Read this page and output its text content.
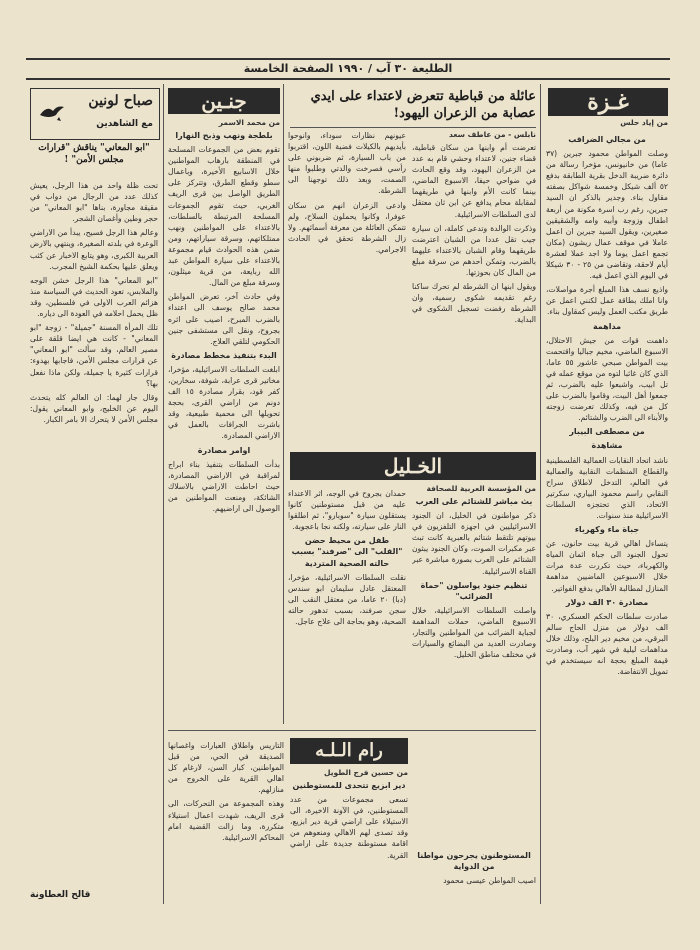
الطليعة ٣٠ آب / ١٩٩٠ الصفحة الخامسة
غـزة
من إياد حلس

من مجالي الضراقب

وصلت المواطن محمود جبرين (٣٧ عاما) من خانيونس، مؤخرا رسالة من دائرة ضريبة الدخل بقرية الطابقة بدفع ٥٢ ألف شيكل وخمسة شواكل بصفته مقاول بناء. وجدير بالذكر ان السيد جبرين، رغم رب اسرة مكونة من أربعة اطفال وزوجة وأبيه وامه والشقيقين صغيرين، ويقول السيد جبرين ان اعمل عاملا في موقف عمال ريشون (مكان تجمع اعمل يوما ولا اجد عملا لعشرة أيام لاحقة، وتقاضى من ٢٥ - ٣٠ شيكلا في اليوم الذي اعمل فيه.

واذيع نسف هذا المبلغ أجرة مواصلات، وانا املك بطاقة عمل لكنني اعمل عن طريق مكتب العمل وليس كمقاول بناء.

مداهمة

داهمت قوات من جيش الاحتلال، الاسبوع الماضي، مخيم جباليا واقتحمت بيت المواطن صبحي عاشور ٥٥ عاما، الذي كان غائبا لتوه من موقع عمله في تل ابيب، واشبعوا عليه بالضرب، ثم جمعوا أهل البيت، وقاموا بالضرب على كل من فيه، وكذلك تعرضت زوجته والأبناء الى الضرب والشتائم.

من مصطفى البيبار

مشاهدة

ناشد اتحاد النقابات العمالية الفلسطينية والقطاع المنظمات النقابية والعمالية في العالم، التدخل لاطلاق سراح النقابي راسم محمود البياري، سكرتير الاتحاد، الذي تحتجزه السلطات الاسرائيلية منذ سنوات.

جباة ماء وكهرباء

يتساءل اهالي قرية بيت حانون، عن تحول الجنود الى جباة اثمان المياه والكهرباء، حيث تكررت عدة مرات خلال الاسبوعين الماضيين مداهمة المنازل لمطالبة الأهالي بدفع الفواتير.

مصادرة ٣٠ الف دولار

صادرت سلطات الحكم العسكري، ٣٠ الف دولار من منزل الحاج سالم البرقي، من مخيم دير البلح، وذلك خلال مداهمات ليلية في شهر آب، وصادرت قيمة المبلغ بحجة انه سيستخدم في تمويل الانتفاضة.

عائلة من قباطية تتعرض لاعتداء على ايدي عصابة من الزعران اليهود!
نابلس - من عاطف سعد

تعرضت أم وابنها من سكان قباطية، قضاء جنين، لاعتداء وحشي قام به عدد من الزعران اليهود، وقد وقع الحادث في ضواحي حيفا، الاسبوع الماضي، بينما كانت الأم وابنها في طريقهما لمقابلة محام يدافع عن ابن ثان معتقل لدى السلطات الاسرائيلية.

وذكرت الوالدة وتدعى كاملة، ان سيارة جيب تقل عددا من الشبان اعترضت طريقهما وقام الشبان بالاعتداء عليهما بالضرب، وتمكن أحدهم من سرقة مبلغ من المال كان بحوزتها.

ويقول ابنها ان الشرطة لم تحرك ساكنا رغم تقديمه شكوى رسمية، وان الشرطة رفضت تسجيل الشكوى في البداية.

عيونهم نظارات سوداء، وانوحوا بأيديهم بالكيلات فضية اللون، اقتربوا من باب السيارة، ثم ضربوني على رأسي فصرخت والدتي وطلبوا منها الصمت، وبعد ذلك توجهنا الى الشرطة.

وادعى الزعران انهم من سكان عوفرا، وكانوا يحملون السلاح، ولم تتمكن العائلة من معرفة أسمائهم. ولا زال الشرطة تحقق في الحادث الاجرامي.

جنـين
من محمد الاسمر

بلطجة ونهب وذبح النهارا

تقوم بعض من الجموعات المسلحة في المنطقة بارهاب المواطنين خلال الاسابيع الأخيرة، وباعمال سطو وقطع الطرق، وتتركز على الطريق الواصل بين قرى الريف الغربي، حيث تقوم الجموعات المسلحة المرتبطة بالسلطات، بالاعتداء على المواطنين ونهب ممتلكاتهم، وسرقة سياراتهم، ومن ضمن هذه الحوادث قيام مجموعة بالاعتداء على سيارة المواطن عبد الله ربايعة، من قرية ميثلون، وسرقة مبلغ من المال.

وفي حادث آخر، تعرض المواطن محمد صالح يوسف الى اعتداء بالضرب المبرح، اصيب على اثره بجروح، ونقل الى مستشفى جنين الحكومي لتلقي العلاج.

البدء بتنفيذ مخطط مصادرة

ابلغت السلطات الاسرائيلية، مؤخرا، مخاتير قرى عرابة، شوفة، سخارين، كفر قود، بقرار مصادرة ١٥ الف دونم من اراضي القرى، بحجة تحويلها الى محمية طبيعية، وقد باشرت الجرافات بالعمل في الاراضي المصادرة.

اوامر مصادرة

بدأت السلطات بتنفيذ بناء ابراج لمراقبة في الاراضي المصادرة، حيث احاطت الاراضي بالاسلاك الشائكة، ومنعت المواطنين من الوصول الى اراضيهم.

صباح لونين
مع الشاهدين
"ابو المعاني" يناقش "قرارات مجلس الأمن" !

تحت ظلة واحد من هذا الرجل، يعيش كذلك عدد من الرجال من دواب في مقيقة مجاورة، بناها "ابو المعاني" من حجر وطين وأغصان الشجر.

وعالم هذا الرجل فسيح، يبدأ من الاراضي الوعرة في بلدته الصغيرة، وينتهي بالارض العربية الكبرى، وهو يتابع الاخبار عن كثب ويعلق عليها بحكمة الشيخ المجرب.

"ابو المعاني" هذا الرجل خشن الوجه والملابس، تعود الحديث في السياسة منذ هزائم العرب الاولى في فلسطين، وقد ظل يحمل احلامه في العودة الى دياره.

تلك المرأة المسنة "جميلة" - زوجة "ابو المعاني" - كانت هي ايضا قلقة على مصير العالم، وقد سألت "ابو المعاني" عن قرارات مجلس الأمن، فاجابها بهدوء: قرارات كثيرة يا جميلة، ولكن ماذا نفعل بها؟

وقال جار لهما: ان العالم كله يتحدث اليوم عن الخليج، وابو المعاني يقول: مجلس الأمن لا يتحرك الا بامر الكبار.

قالح العطاونة
الخـليل
من المؤسسة العربية للصحافة

بث مباشر للشتائم على العرب

ذكر مواطنون في الخليل، ان الجنود الاسرائيليين في اجهزة التلفزيون في بيوتهم تلتقط شتائم بالعبرية كانت تبث عبر مكبرات الصوت، وكان الجنود يبثون الشتائم على العرب بصورة مباشرة عبر القناة الاسرائيلية.

تنظيم جنود يواسلون "حماة الضرائب"

واصلت السلطات الاسرائيلية، خلال الاسبوع الماضي، حملات المداهمة لجباية الضرائب من المواطنين والتجار، وصادرت العديد من البضائع والسيارات في مختلف مناطق الخليل.

حمدان بجروح في الوجه، اثر الاعتداء عليه من قبل مستوطنين كانوا يستقلون سيارة "سوبارو"، ثم اطلقوا النار على سيارته، ولكنه نجا باعجوبة.

طفل من محيط حضن "القلب" الى "صرفند" بسبب حالته الصحية المتردية

نقلت السلطات الاسرائيلية، مؤخرا، المعتقل عادل سليمان ابو سندس (دبا) ٢٠ عاما، من معتقل النقب الى سجن صرفند، بسبب تدهور حالته الصحية، وهو بحاجة الى علاج عاجل.

رام الـلـه
من حسين فرج الطويل

دير ابزيع تتحدى للمستوطنين

تسعى مجموعات من عدد المستوطنين، في الآونة الاخيرة، الى الاستيلاء على اراضي قرية دير ابزيع، وقد تصدى لهم الاهالي ومنعوهم من اقامة مستوطنة جديدة على اراضي القرية.

التاريس واطلاق العبارات واغصانها الصديقة في الحي، من قبل المواطنين، كبار السن، لارغام كل اهالي القرية على الخروج من منازلهم.

وهذه المجموعة من التحركات، الى قرى الريف، شهدت اعمال استيلاء متكررة، وما زالت القضية امام المحاكم الاسرائيلية.

المستوطنون يجرحون مواطنا من الدواية

اصيب المواطن عيسى محمود
